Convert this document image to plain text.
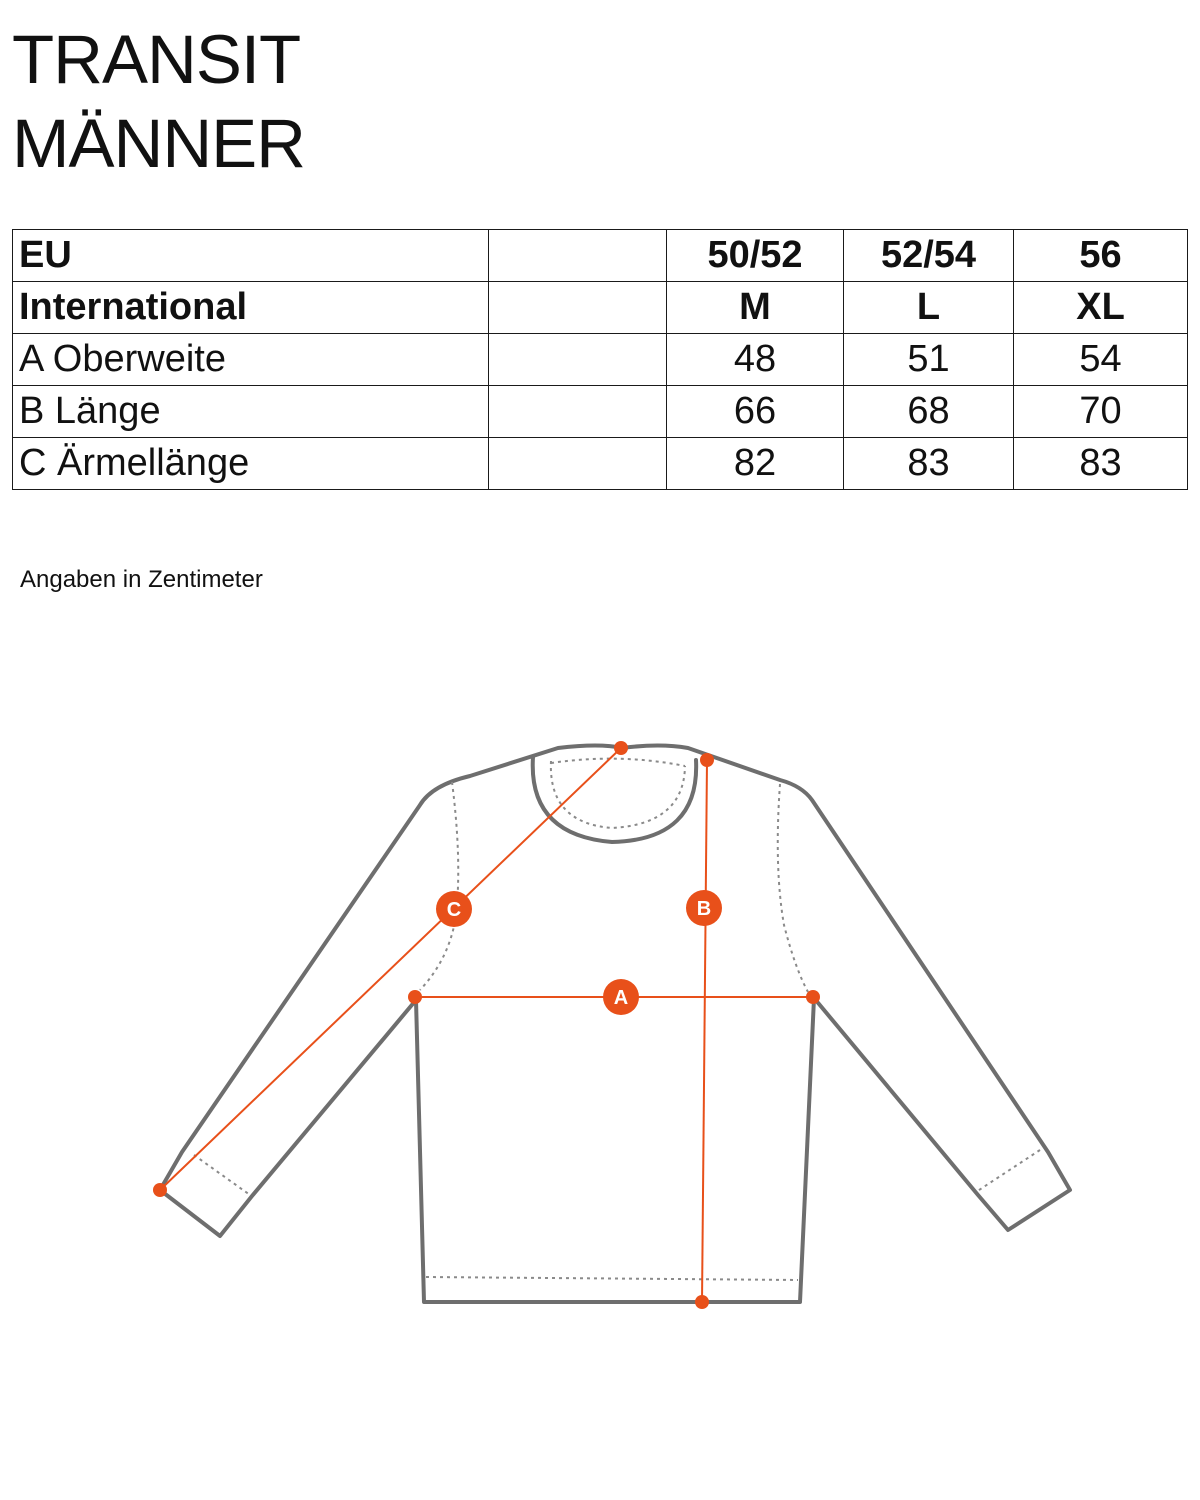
TRANSIT
MÄNNER
EU		50/52	52/54	56
International		M	L	XL
A Oberweite		48	51	54
B Länge		66	68	70
C Ärmellänge		82	83	83
Angaben in Zentimeter
A
B
C
